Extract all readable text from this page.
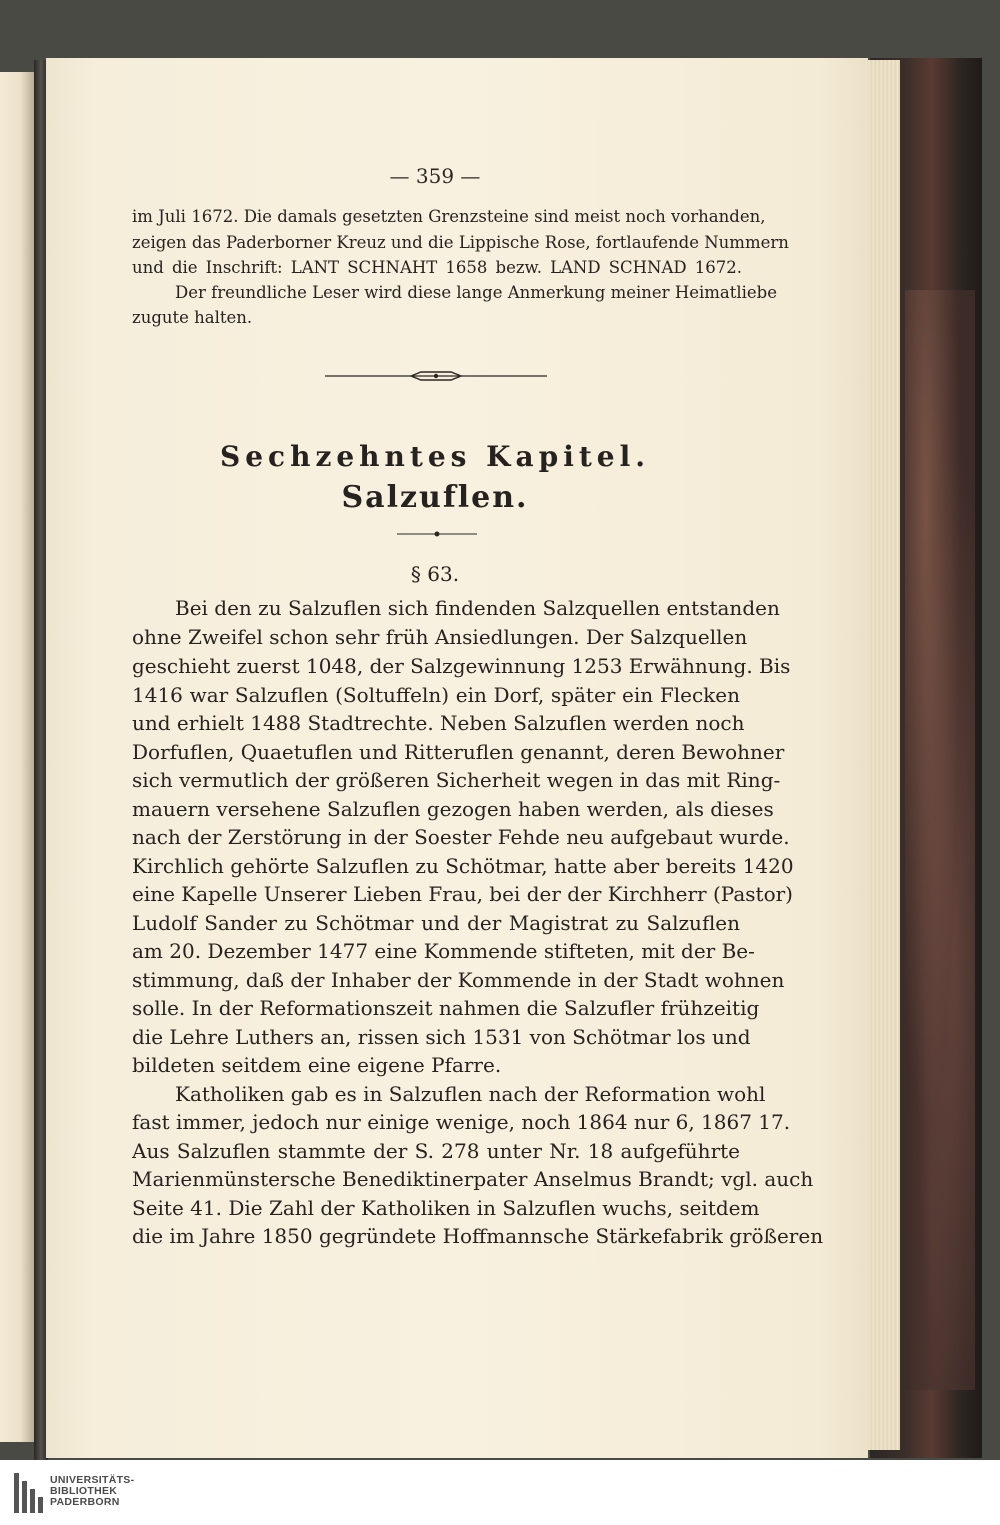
— 359 —
im Juli 1672. Die damals gesetzten Grenzsteine sind meist noch vorhanden,
zeigen das Paderborner Kreuz und die Lippische Rose, fortlaufende Nummern
und die Inschrift: LANT SCHNAHT 1658 bezw. LAND SCHNAD 1672.
Der freundliche Leser wird diese lange Anmerkung meiner Heimatliebe
zugute halten.
Sechzehntes Kapitel.
Salzuflen.
§ 63.
Bei den zu Salzuflen sich findenden Salzquellen entstanden
ohne Zweifel schon sehr früh Ansiedlungen. Der Salzquellen
geschieht zuerst 1048, der Salzgewinnung 1253 Erwähnung. Bis
1416 war Salzuflen (Soltuffeln) ein Dorf, später ein Flecken
und erhielt 1488 Stadtrechte. Neben Salzuflen werden noch
Dorfuflen, Quaetuflen und Ritteruflen genannt, deren Bewohner
sich vermutlich der größeren Sicherheit wegen in das mit Ring-
mauern versehene Salzuflen gezogen haben werden, als dieses
nach der Zerstörung in der Soester Fehde neu aufgebaut wurde.
Kirchlich gehörte Salzuflen zu Schötmar, hatte aber bereits 1420
eine Kapelle Unserer Lieben Frau, bei der der Kirchherr (Pastor)
Ludolf Sander zu Schötmar und der Magistrat zu Salzuflen
am 20. Dezember 1477 eine Kommende stifteten, mit der Be-
stimmung, daß der Inhaber der Kommende in der Stadt wohnen
solle. In der Reformationszeit nahmen die Salzufler frühzeitig
die Lehre Luthers an, rissen sich 1531 von Schötmar los und
bildeten seitdem eine eigene Pfarre.
Katholiken gab es in Salzuflen nach der Reformation wohl
fast immer, jedoch nur einige wenige, noch 1864 nur 6, 1867 17.
Aus Salzuflen stammte der S. 278 unter Nr. 18 aufgeführte
Marienmünstersche Benediktinerpater Anselmus Brandt; vgl. auch
Seite 41. Die Zahl der Katholiken in Salzuflen wuchs, seitdem
die im Jahre 1850 gegründete Hoffmannsche Stärkefabrik größeren
UNIVERSITÄTS-
BIBLIOTHEK
PADERBORN
